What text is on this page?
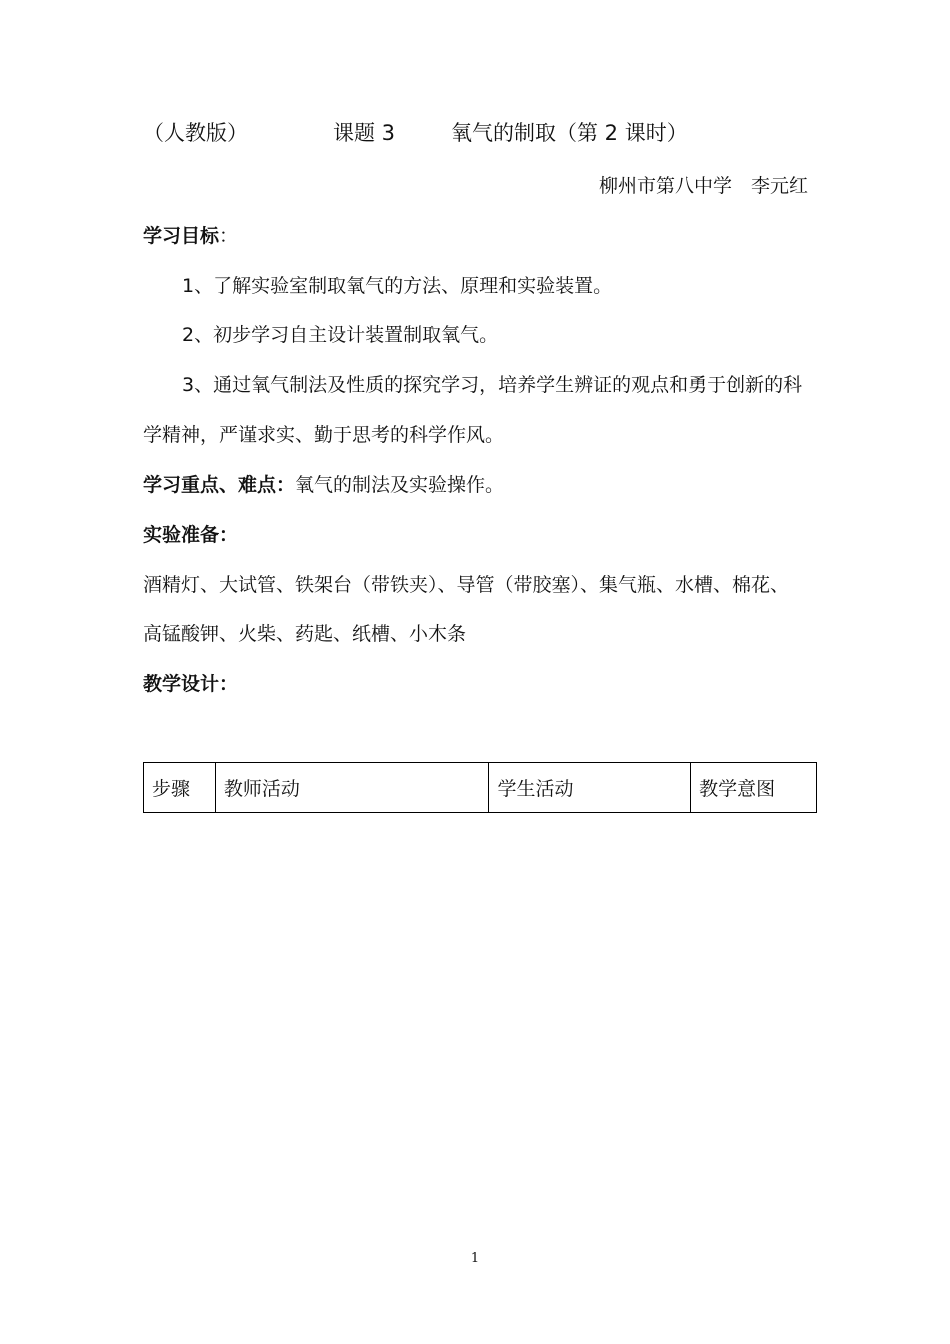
（人教版）	课题 3	氧气的制取（第 2 课时）
柳州市第八中学　李元红
学习目标：
1、了解实验室制取氧气的方法、原理和实验装置。
2、初步学习自主设计装置制取氧气。
3、通过氧气制法及性质的探究学习，培养学生辨证的观点和勇于创新的科
学精神，严谨求实、勤于思考的科学作风。
学习重点、难点：氧气的制法及实验操作。
实验准备：
酒精灯、大试管、铁架台（带铁夹）、导管（带胶塞）、集气瓶、水槽、棉花、
高锰酸钾、火柴、药匙、纸槽、小木条
教学设计：
步骤	教师活动	学生活动	教学意图
1
